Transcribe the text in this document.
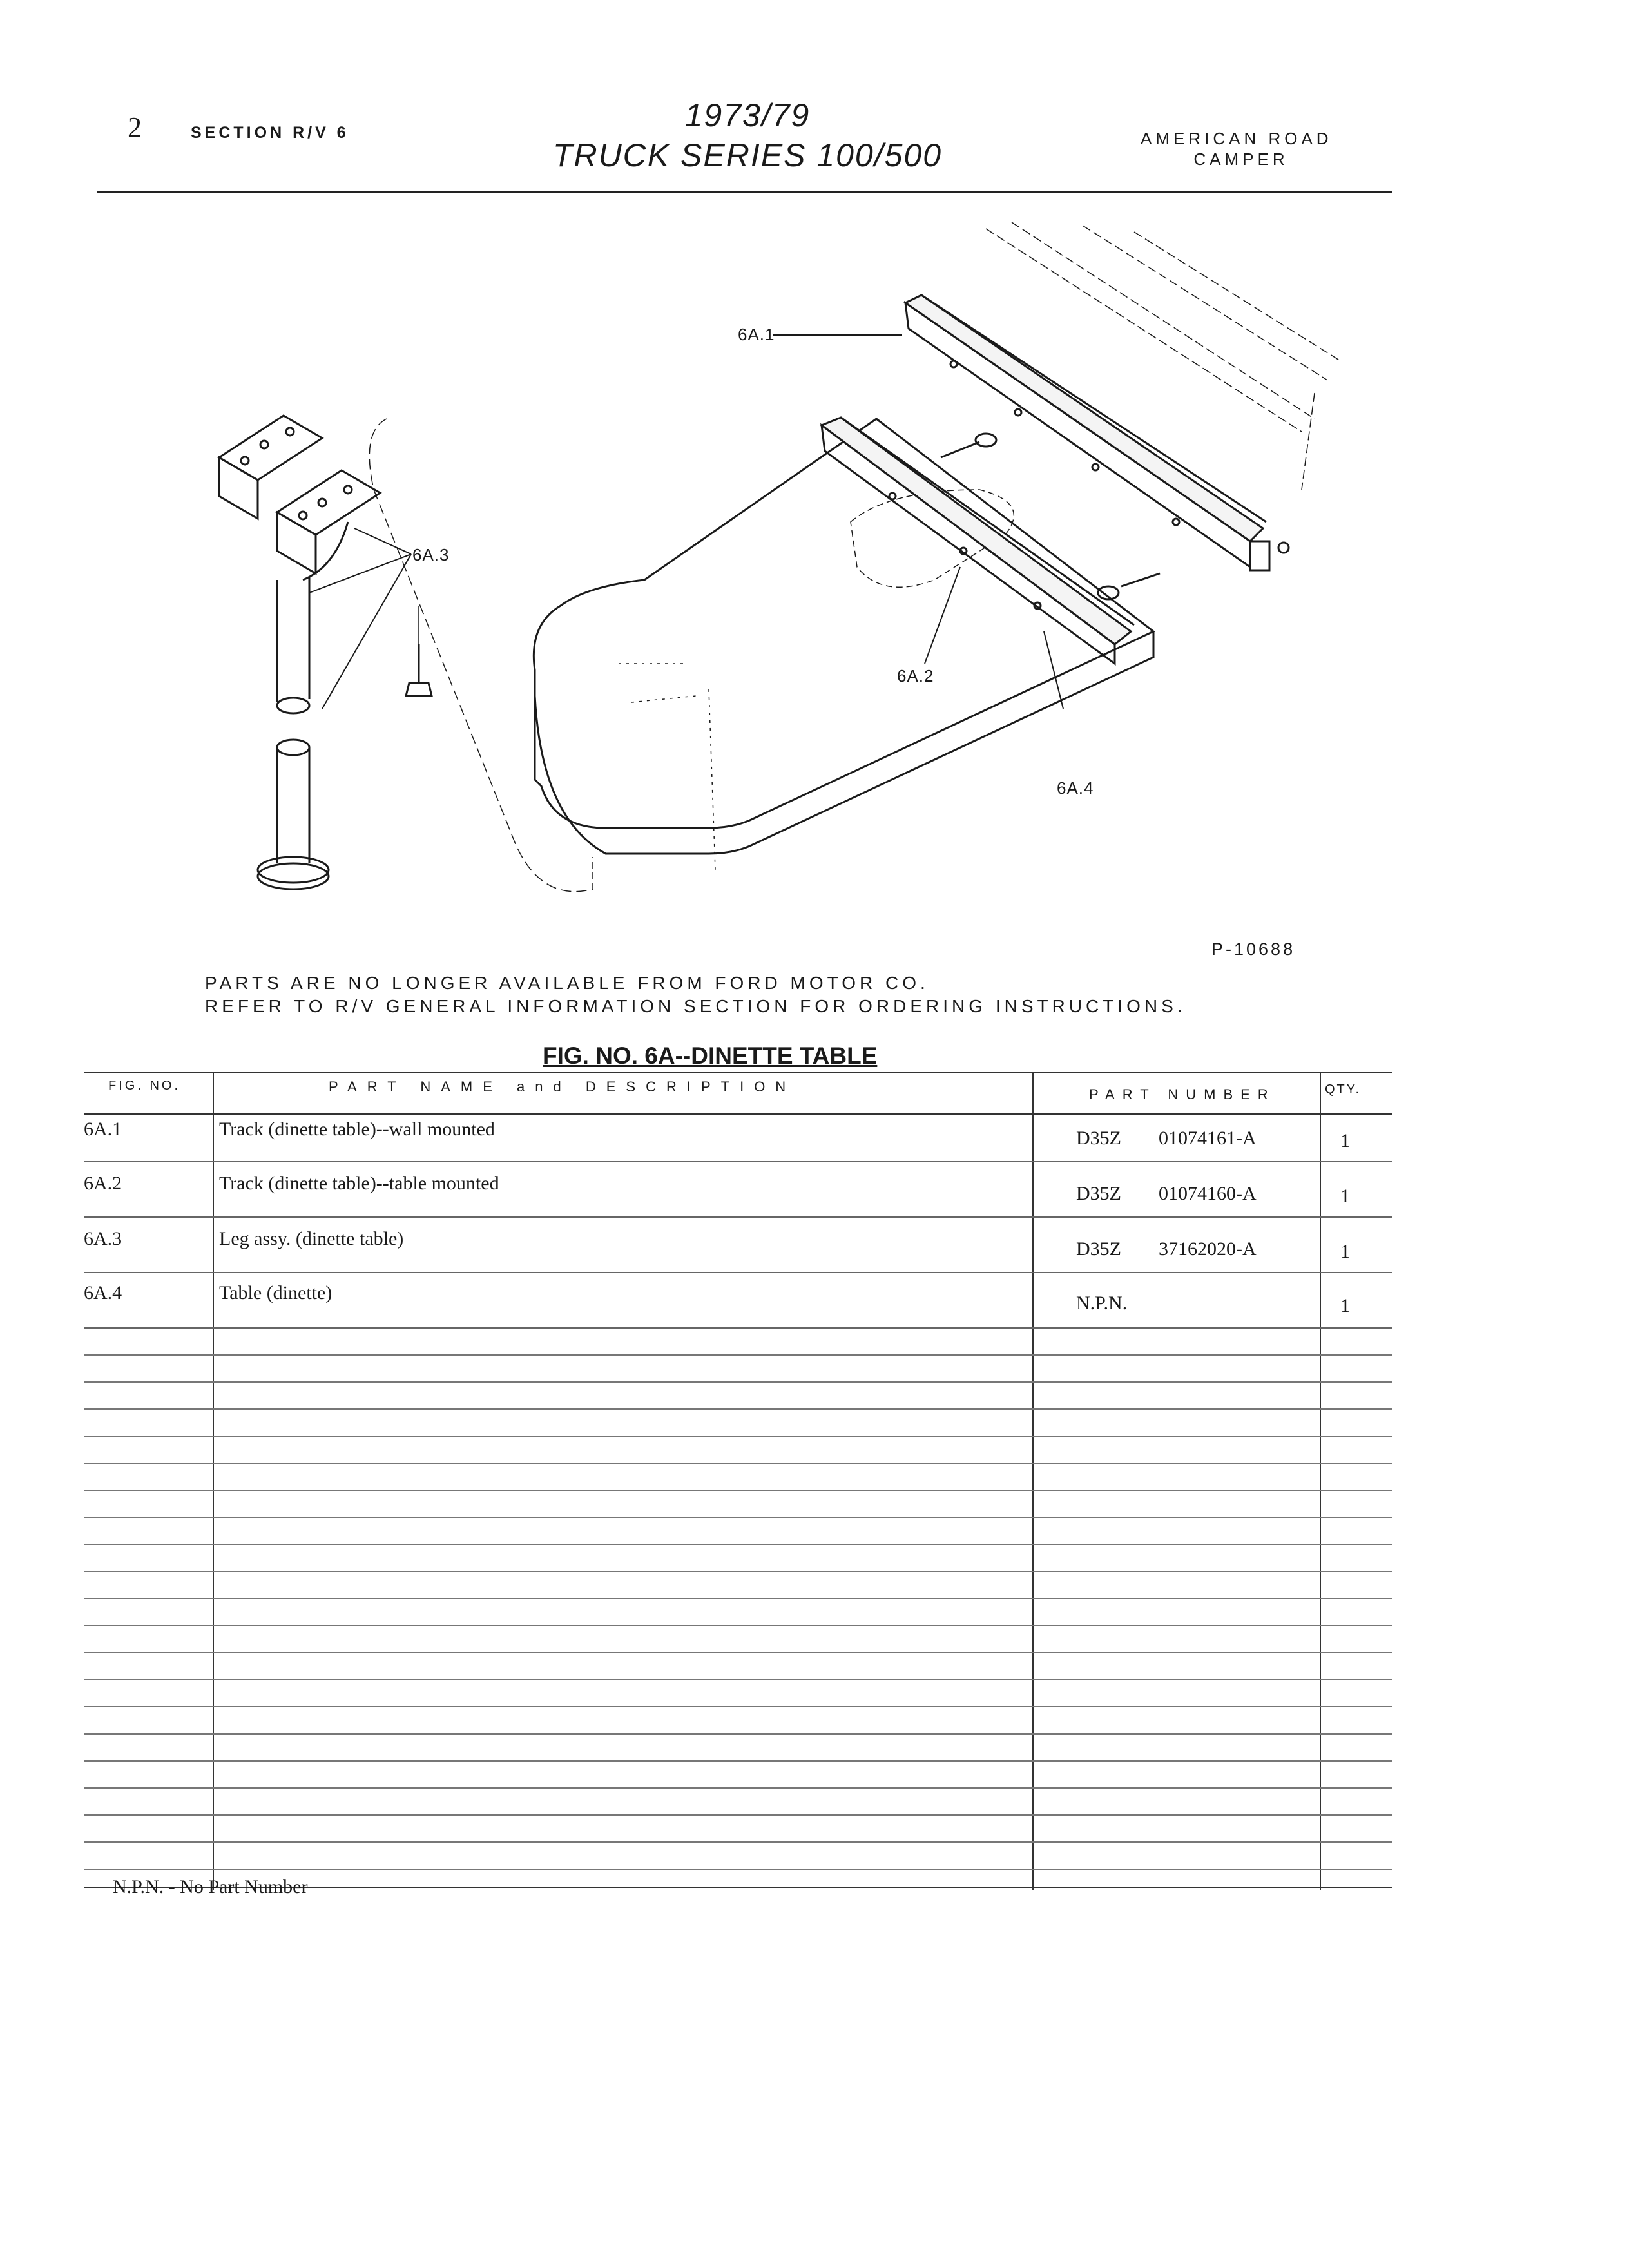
2	SECTION R/V 6	1973/79
TRUCK SERIES 100/500	AMERICAN ROAD
CAMPER
6A.1
6A.2
6A.3
6A.4
P-10688
PARTS ARE NO LONGER AVAILABLE FROM FORD MOTOR CO.
REFER TO R/V GENERAL INFORMATION SECTION FOR ORDERING INSTRUCTIONS.
FIG. NO. 6A--DINETTE TABLE
FIG. NO.	PART NAME and DESCRIPTION	PART NUMBER	QTY.
6A.1	Track (dinette table)--wall mounted	D35Z 01074161-A	1
6A.2	Track (dinette table)--table mounted	D35Z 01074160-A	1
6A.3	Leg assy. (dinette table)	D35Z 37162020-A	1
6A.4	Table (dinette)	N.P.N.	1
N.P.N. - No Part Number
